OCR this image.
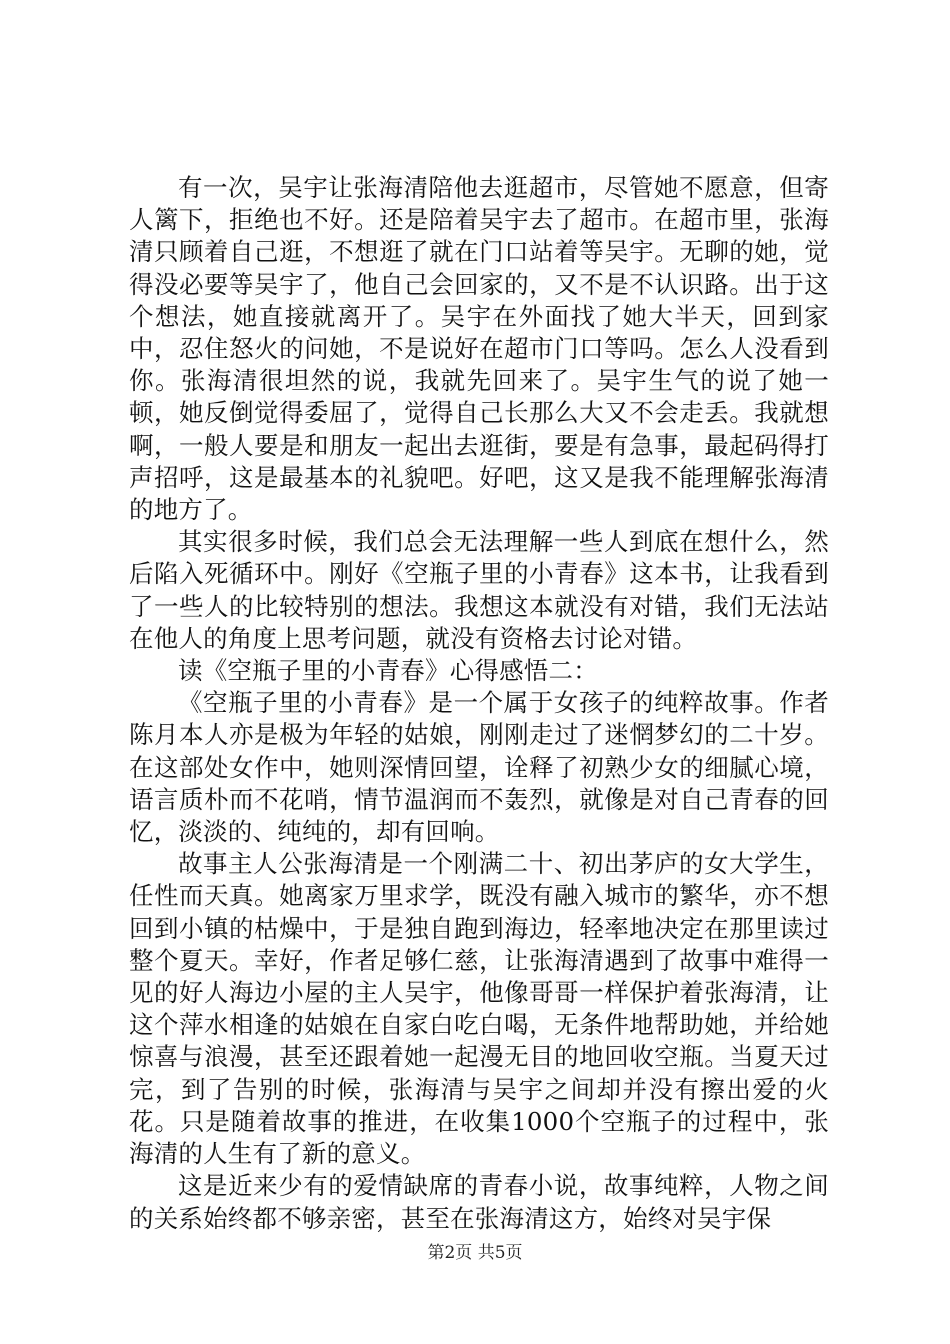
有一次，吴宇让张海清陪他去逛超市，尽管她不愿意，但寄人篱下，拒绝也不好。还是陪着吴宇去了超市。在超市里，张海清只顾着自己逛，不想逛了就在门口站着等吴宇。无聊的她，觉得没必要等吴宇了，他自己会回家的，又不是不认识路。出于这个想法，她直接就离开了。吴宇在外面找了她大半天，回到家中，忍住怒火的问她，不是说好在超市门口等吗。怎么人没看到你。张海清很坦然的说，我就先回来了。吴宇生气的说了她一顿，她反倒觉得委屈了，觉得自己长那么大又不会走丢。我就想啊，一般人要是和朋友一起出去逛街，要是有急事，最起码得打声招呼，这是最基本的礼貌吧。好吧，这又是我不能理解张海清的地方了。

其实很多时候，我们总会无法理解一些人到底在想什么，然后陷入死循环中。刚好《空瓶子里的小青春》这本书，让我看到了一些人的比较特别的想法。我想这本就没有对错，我们无法站在他人的角度上思考问题，就没有资格去讨论对错。

读《空瓶子里的小青春》心得感悟二：

《空瓶子里的小青春》是一个属于女孩子的纯粹故事。作者陈月本人亦是极为年轻的姑娘，刚刚走过了迷惘梦幻的二十岁。在这部处女作中，她则深情回望，诠释了初熟少女的细腻心境，语言质朴而不花哨，情节温润而不轰烈，就像是对自己青春的回忆，淡淡的、纯纯的，却有回响。

故事主人公张海清是一个刚满二十、初出茅庐的女大学生，任性而天真。她离家万里求学，既没有融入城市的繁华，亦不想回到小镇的枯燥中，于是独自跑到海边，轻率地决定在那里读过整个夏天。幸好，作者足够仁慈，让张海清遇到了故事中难得一见的好人海边小屋的主人吴宇，他像哥哥一样保护着张海清，让这个萍水相逢的姑娘在自家白吃白喝，无条件地帮助她，并给她惊喜与浪漫，甚至还跟着她一起漫无目的地回收空瓶。当夏天过完，到了告别的时候，张海清与吴宇之间却并没有擦出爱的火花。只是随着故事的推进，在收集1000个空瓶子的过程中，张海清的人生有了新的意义。

这是近来少有的爱情缺席的青春小说，故事纯粹，人物之间的关系始终都不够亲密，甚至在张海清这方，始终对吴宇保

第2页 共5页
